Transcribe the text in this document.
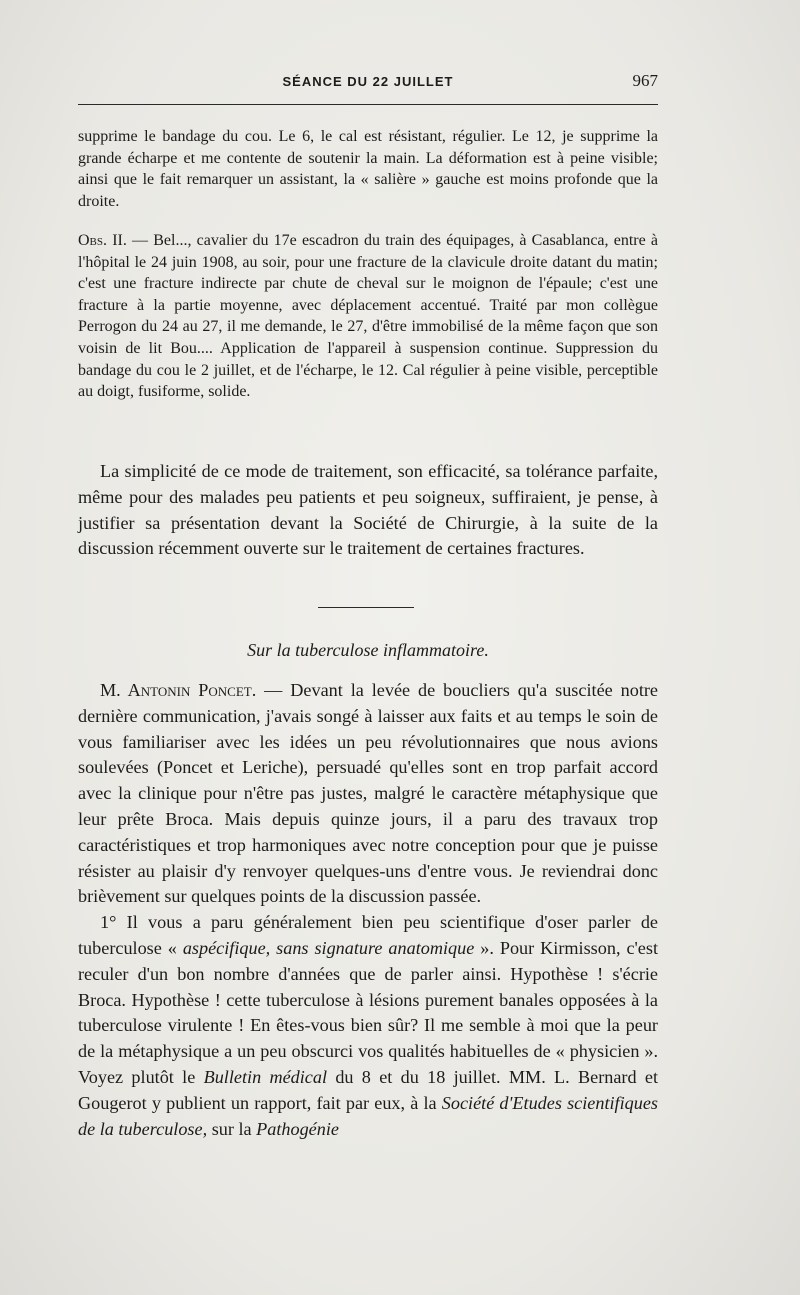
SÉANCE DU 22 JUILLET	967

supprime le bandage du cou. Le 6, le cal est résistant, régulier. Le 12, je supprime la grande écharpe et me contente de soutenir la main. La déformation est à peine visible; ainsi que le fait remarquer un assistant, la « salière » gauche est moins profonde que la droite.

Obs. II. — Bel..., cavalier du 17e escadron du train des équipages, à Casablanca, entre à l'hôpital le 24 juin 1908, au soir, pour une fracture de la clavicule droite datant du matin; c'est une fracture indirecte par chute de cheval sur le moignon de l'épaule; c'est une fracture à la partie moyenne, avec déplacement accentué. Traité par mon collègue Perrogon du 24 au 27, il me demande, le 27, d'être immobilisé de la même façon que son voisin de lit Bou.... Application de l'appareil à suspension continue. Suppression du bandage du cou le 2 juillet, et de l'écharpe, le 12. Cal régulier à peine visible, perceptible au doigt, fusiforme, solide.

La simplicité de ce mode de traitement, son efficacité, sa tolérance parfaite, même pour des malades peu patients et peu soigneux, suffiraient, je pense, à justifier sa présentation devant la Société de Chirurgie, à la suite de la discussion récemment ouverte sur le traitement de certaines fractures.

Sur la tuberculose inflammatoire.

M. Antonin Poncet. — Devant la levée de boucliers qu'a suscitée notre dernière communication, j'avais songé à laisser aux faits et au temps le soin de vous familiariser avec les idées un peu révolutionnaires que nous avions soulevées (Poncet et Leriche), persuadé qu'elles sont en trop parfait accord avec la clinique pour n'être pas justes, malgré le caractère métaphysique que leur prête Broca. Mais depuis quinze jours, il a paru des travaux trop caractéristiques et trop harmoniques avec notre conception pour que je puisse résister au plaisir d'y renvoyer quelques-uns d'entre vous. Je reviendrai donc brièvement sur quelques points de la discussion passée.

1° Il vous a paru généralement bien peu scientifique d'oser parler de tuberculose « aspécifique, sans signature anatomique ». Pour Kirmisson, c'est reculer d'un bon nombre d'années que de parler ainsi. Hypothèse ! s'écrie Broca. Hypothèse ! cette tuberculose à lésions purement banales opposées à la tuberculose virulente ! En êtes-vous bien sûr? Il me semble à moi que la peur de la métaphysique a un peu obscurci vos qualités habituelles de « physicien ». Voyez plutôt le Bulletin médical du 8 et du 18 juillet. MM. L. Bernard et Gougerot y publient un rapport, fait par eux, à la Société d'Etudes scientifiques de la tuberculose, sur la Pathogénie
